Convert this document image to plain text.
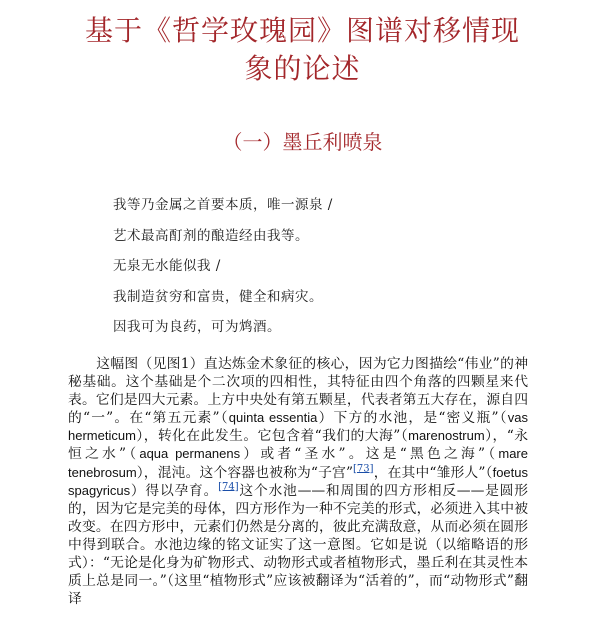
基于《哲学玫瑰园》图谱对移情现
象的论述
（一）墨丘利喷泉
我等乃金属之首要本质，唯一源泉 /
艺术最高酊剂的酿造经由我等。
无泉无水能似我 /
我制造贫穷和富贵，健全和病灾。
因我可为良药，可为鸩酒。
这幅图（见图1）直达炼金术象征的核心，因为它力图描绘“伟业”的神秘基础。这个基础是个二次项的四相性，其特征由四个角落的四颗星来代表。它们是四大元素。上方中央处有第五颗星，代表者第五大存在，源自四的“一”。在“第五元素”（quinta essentia）下方的水池，是“密义瓶”（vas hermeticum），转化在此发生。它包含着“我们的大海”（marenostrum），“永恒之水”（aqua permanens）或者“圣水”。这是“黑色之海”（mare tenebrosum），混沌。这个容器也被称为“子宫”[73]，在其中“雏形人”（foetus spagyricus）得以孕育。[74]这个水池——和周围的四方形相反——是圆形的，因为它是完美的母体，四方形作为一种不完美的形式，必须进入其中被改变。在四方形中，元素们仍然是分离的，彼此充满敌意，从而必须在圆形中得到联合。水池边缘的铭文证实了这一意图。它如是说（以缩略语的形式）：“无论是化身为矿物形式、动物形式或者植物形式，墨丘利在其灵性本质上总是同一。”（这里“植物形式”应该被翻译为“活着的”，而“动物形式”翻译
